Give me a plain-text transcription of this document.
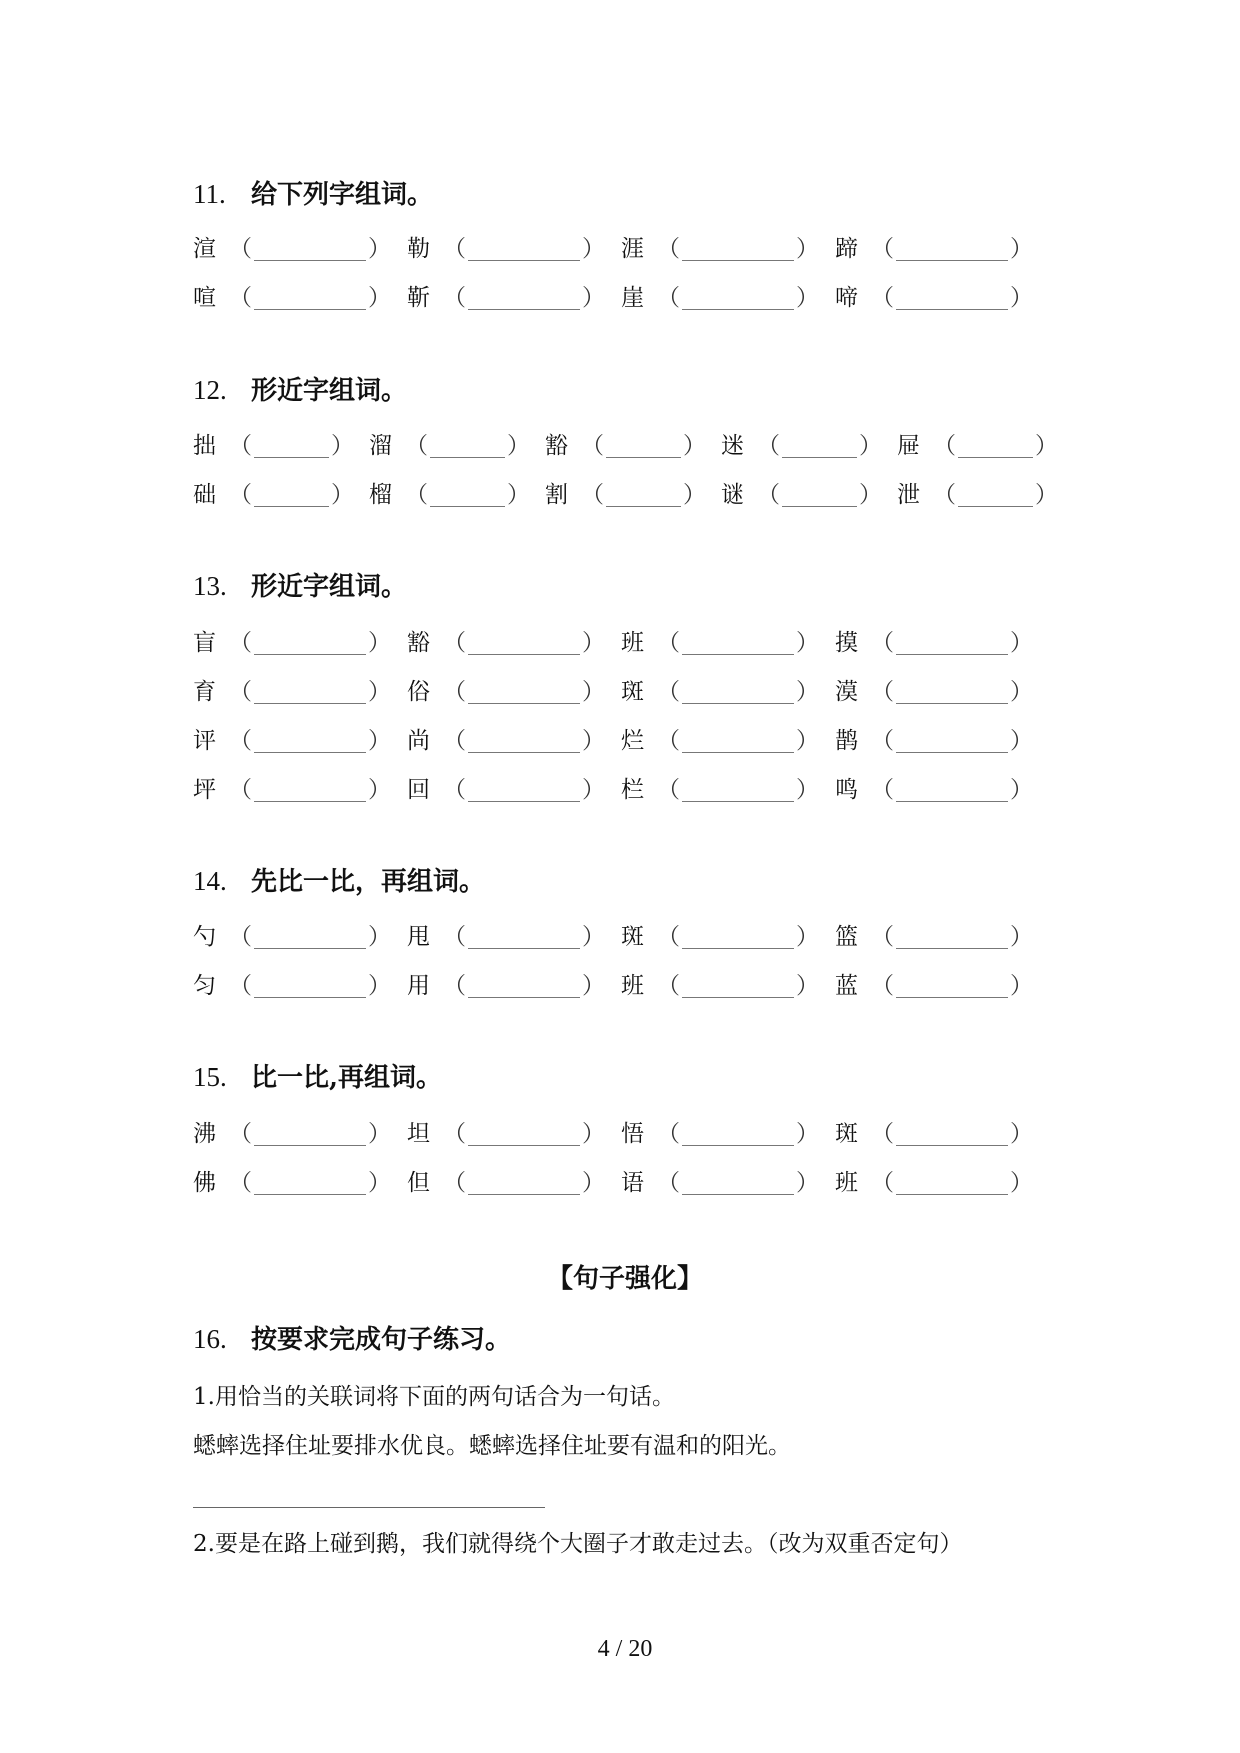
11. 给下列字组词。
渲 （	） 勒 （	） 涯 （	） 蹄 （	）
喧 （	） 靳 （	） 崖 （	） 啼 （	）
12. 形近字组词。
拙 （	） 溜 （	） 豁 （	） 迷 （	） 屉 （	）
础 （	） 榴 （	） 割 （	） 谜 （	） 泄 （	）
13. 形近字组词。
盲 （	） 豁 （	） 班 （	） 摸 （	）
育 （	） 俗 （	） 斑 （	） 漠 （	）
评 （	） 尚 （	） 烂 （	） 鹊 （	）
坪 （	） 回 （	） 栏 （	） 鸣 （	）
14. 先比一比，再组词。
勺 （	） 甩 （	） 斑 （	） 篮 （	）
匀 （	） 用 （	） 班 （	） 蓝 （	）
15. 比一比,再组词。
沸 （	） 坦 （	） 悟 （	） 斑 （	）
佛 （	） 但 （	） 语 （	） 班 （	）
【句子强化】
16. 按要求完成句子练习。
1.用恰当的关联词将下面的两句话合为一句话。
蟋蟀选择住址要排水优良。蟋蟀选择住址要有温和的阳光。
2.要是在路上碰到鹅，我们就得绕个大圈子才敢走过去。（改为双重否定句）
4 / 20
